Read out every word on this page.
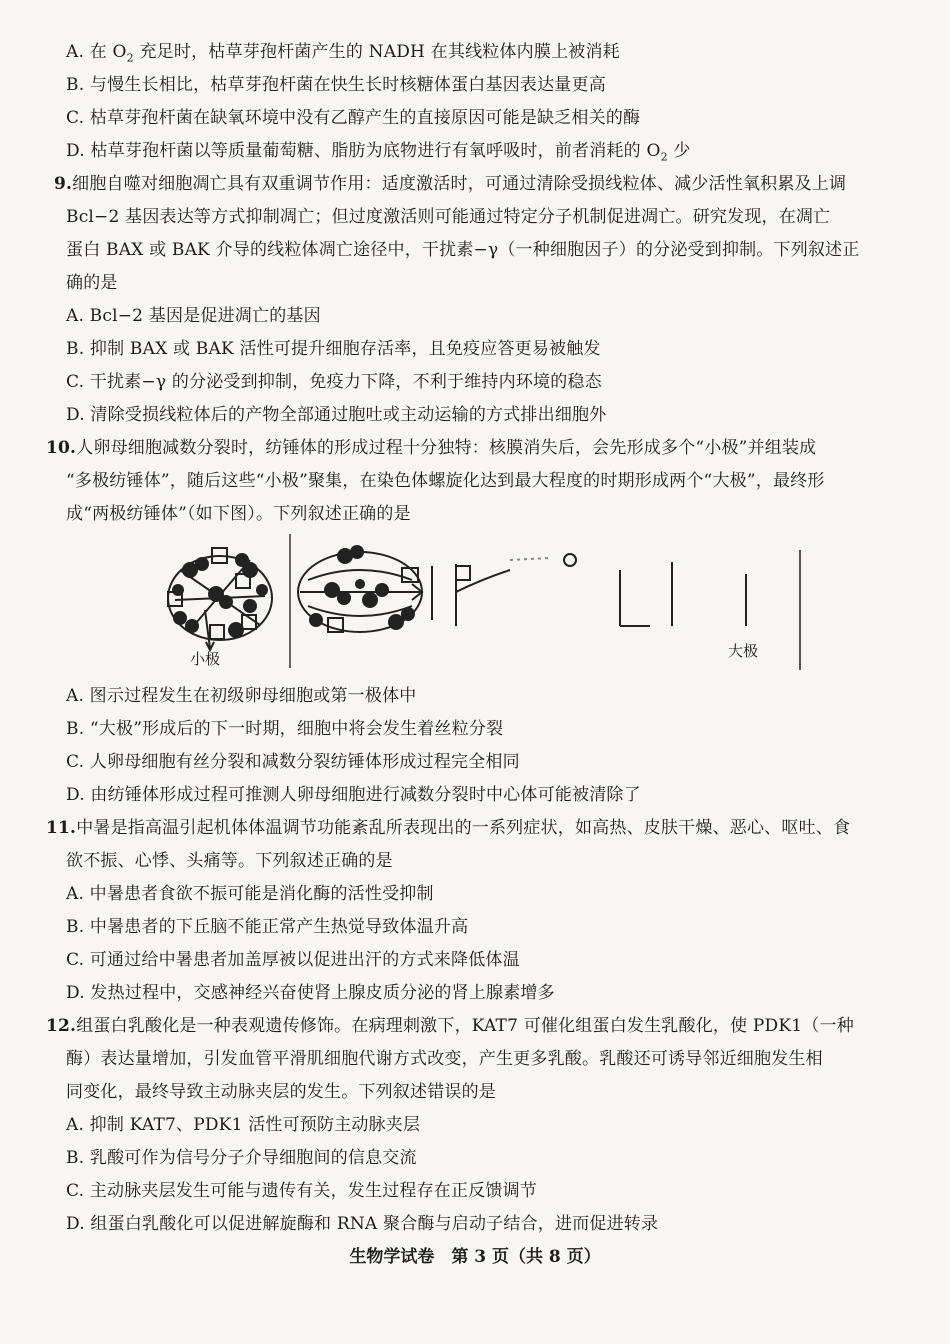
A. 在 $O_2$ 充足时，枯草芽孢杆菌产生的 NADH 在其线粒体内膜上被消耗
B. 与慢生长相比，枯草芽孢杆菌在快生长时核糖体蛋白基因表达量更高
C. 枯草芽孢杆菌在缺氧环境中没有乙醇产生的直接原因可能是缺乏相关的酶
D. 枯草芽孢杆菌以等质量葡萄糖、脂肪为底物进行有氧呼吸时，前者消耗的 $O_2$ 少
9.细胞自噬对细胞凋亡具有双重调节作用：适度激活时，可通过清除受损线粒体、减少活性氧积累及上调
Bcl−2 基因表达等方式抑制凋亡；但过度激活则可能通过特定分子机制促进凋亡。研究发现，在凋亡
蛋白 BAX 或 BAK 介导的线粒体凋亡途径中，干扰素−γ（一种细胞因子）的分泌受到抑制。下列叙述正
确的是
A. Bcl−2 基因是促进凋亡的基因
B. 抑制 BAX 或 BAK 活性可提升细胞存活率，且免疫应答更易被触发
C. 干扰素−γ 的分泌受到抑制，免疫力下降，不利于维持内环境的稳态
D. 清除受损线粒体后的产物全部通过胞吐或主动运输的方式排出细胞外
10.人卵母细胞减数分裂时，纺锤体的形成过程十分独特：核膜消失后，会先形成多个“小极”并组装成
“多极纺锤体”，随后这些“小极”聚集，在染色体螺旋化达到最大程度的时期形成两个“大极”，最终形
成“两极纺锤体”（如下图）。下列叙述正确的是
小极	大极
A. 图示过程发生在初级卵母细胞或第一极体中
B. “大极”形成后的下一时期，细胞中将会发生着丝粒分裂
C. 人卵母细胞有丝分裂和减数分裂纺锤体形成过程完全相同
D. 由纺锤体形成过程可推测人卵母细胞进行减数分裂时中心体可能被清除了
11.中暑是指高温引起机体体温调节功能紊乱所表现出的一系列症状，如高热、皮肤干燥、恶心、呕吐、食
欲不振、心悸、头痛等。下列叙述正确的是
A. 中暑患者食欲不振可能是消化酶的活性受抑制
B. 中暑患者的下丘脑不能正常产生热觉导致体温升高
C. 可通过给中暑患者加盖厚被以促进出汗的方式来降低体温
D. 发热过程中，交感神经兴奋使肾上腺皮质分泌的肾上腺素增多
12.组蛋白乳酸化是一种表观遗传修饰。在病理刺激下，KAT7 可催化组蛋白发生乳酸化，使 PDK1（一种
酶）表达量增加，引发血管平滑肌细胞代谢方式改变，产生更多乳酸。乳酸还可诱导邻近细胞发生相
同变化，最终导致主动脉夹层的发生。下列叙述错误的是
A. 抑制 KAT7、PDK1 活性可预防主动脉夹层
B. 乳酸可作为信号分子介导细胞间的信息交流
C. 主动脉夹层发生可能与遗传有关，发生过程存在正反馈调节
D. 组蛋白乳酸化可以促进解旋酶和 RNA 聚合酶与启动子结合，进而促进转录
生物学试卷　第 3 页（共 8 页）
